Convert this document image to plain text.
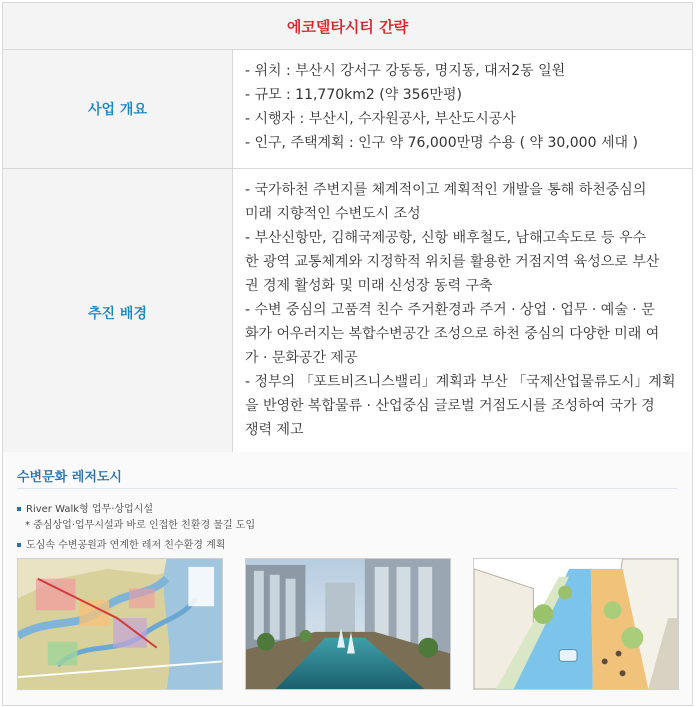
에코델타시티 간략
사업 개요

- 위치 : 부산시 강서구 강동동, 명지동, 대저2동 일원

- 규모 : 11,770km2 (약 356만평)

- 시행자 : 부산시, 수자원공사, 부산도시공사

- 인구, 주택계획 : 인구 약 76,000만명 수용 ( 약 30,000 세대 )

추진 배경

- 국가하천 주변지를 체계적이고 계획적인 개발을 통해 하천중심의

미래 지향적인 수변도시 조성

- 부산신항만, 김해국제공항, 신항 배후철도, 남해고속도로 등 우수

한 광역 교통체계와 지정학적 위치를 활용한 거점지역 육성으로 부산

권 경제 활성화 및 미래 신성장 동력 구축

- 수변 중심의 고품격 친수 주거환경과 주거 · 상업 · 업무 · 예술 · 문

화가 어우러지는 복합수변공간 조성으로 하천 중심의 다양한 미래 여

가 · 문화공간 제공

- 정부의 「포트비즈니스밸리」계획과 부산 「국제산업물류도시」계획

을 반영한 복합물류 · 산업중심 글로벌 거점도시를 조성하여 국가 경

쟁력 제고

수변문화 레저도시
River Walk형 업무·상업시설
* 중심상업·업무시설과 바로 인접한 친환경 물길 도입
도심속 수변공원과 연계한 레저 친수환경 계획
